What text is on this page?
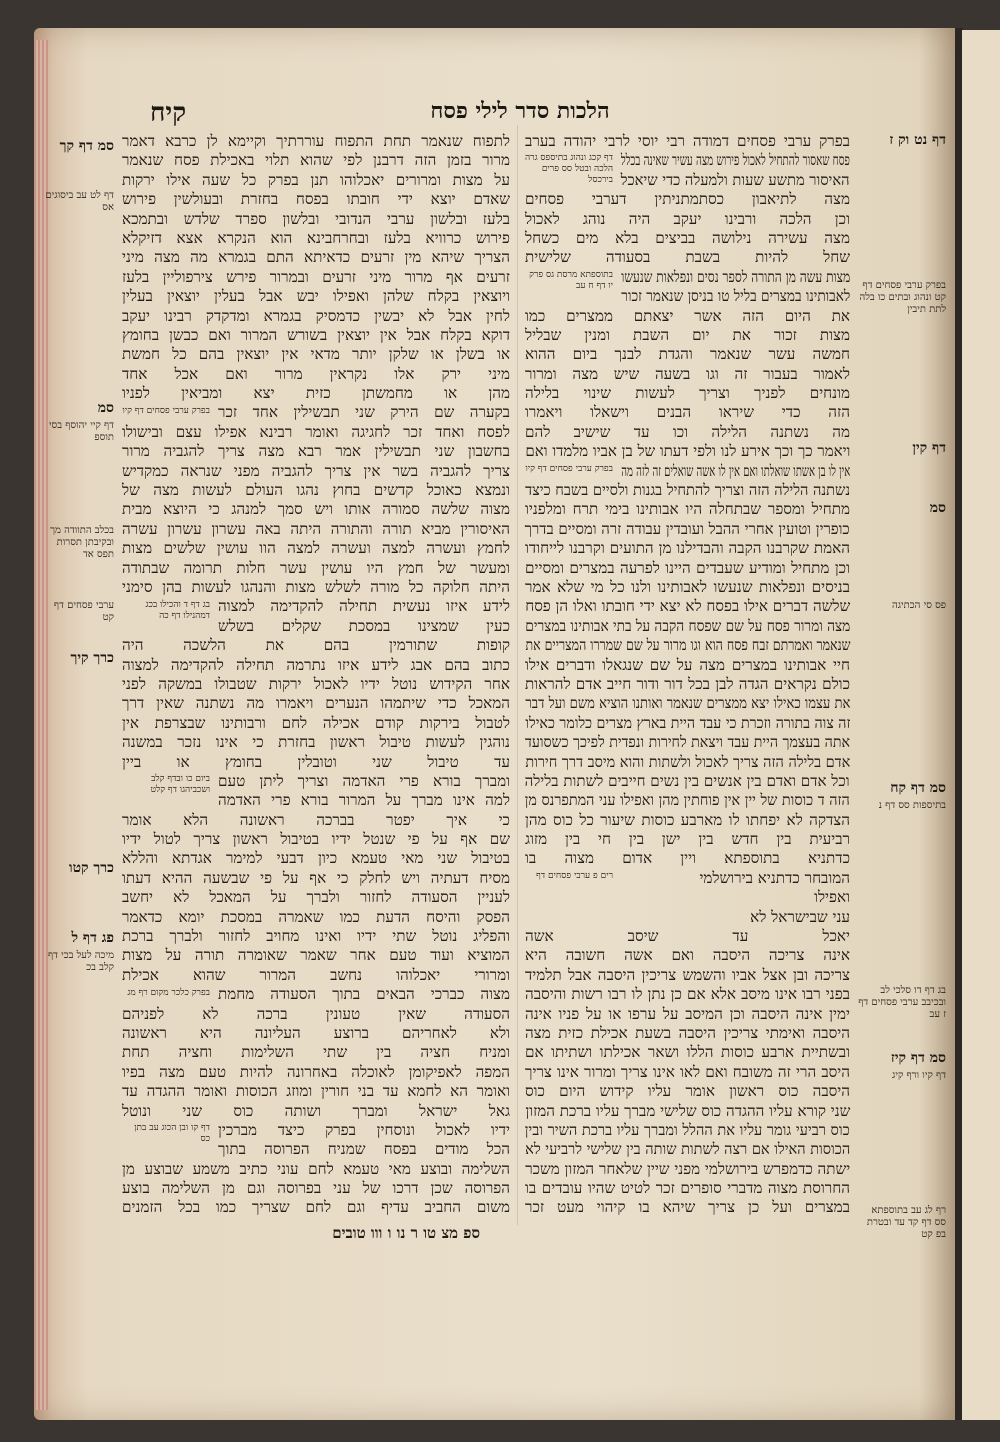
הלכות סדר לילי פסח
קיח
בפרק ערבי פסחים דמודה רבי יוסי לרבי יהודה בערב
פסח שאסור להתחיל לאכול פירוש מצה עשיר שאינה בכלל
האיסור מתשע שעות ולמעלה כדי שיאכל
מצה לתיאבון כסתמתניתין דערבי פסחים
וכן הלכה ורבינו יעקב היה נוהג לאכול
מצה עשירה נילושה בביצים בלא מים כשחל
שחל להיות בשבת בסעודה שלישית
מצות עשה מן התורה לספר נסים ונפלאות שנעשו
לאבותינו במצרים בליל טו בניסן שנאמר זכור
את היום הזה אשר יצאתם ממצרים כמו
מצות זכור את יום השבת ומנין שבליל
חמשה עשר שנאמר והגדת לבנך ביום ההוא
לאמור בעבור זה וגו בשעה שיש מצה ומרור
מונחים לפניך וצריך לעשות שינוי בלילה
הזה כדי שיראו הבנים וישאלו ויאמרו
מה נשתנה הלילה וכו עד שישיב להם
ויאמר כך וכך אירע לנו ולפי דעתו של בן אביו מלמדו ואם
אין לו בן אשתו שואלתו ואם אין לו אשה שואלים זה לזה מה
נשתנה הלילה הזה וצריך להתחיל בגנות ולסיים בשבח כיצד
מתחיל ומספר שבתחלה היו אבותינו בימי תרח ומלפניו
כופרין וטועין אחרי ההבל ועובדין עבודה זרה ומסיים בדרך
האמת שקרבנו הקבה והבדילנו מן התועים וקרבנו לייחודו
וכן מתחיל ומודיע שעבדים היינו לפרעה במצרים ומסיים
בניסים ונפלאות שנעשו לאבותינו ולנו כל מי שלא אמר
שלשה דברים אילו בפסח לא יצא ידי חובתו ואלו הן פסח
מצה ומרור פסח על שם שפסח הקבה על בתי אבותינו במצרים
שנאמר ואמרתם זבח פסח הוא וגו מרור על שם שמררו המצריים את
חיי אבותינו במצרים מצה על שם שנגאלו ודברים אילו
כולם נקראים הגדה לבן בכל דור ודור חייב אדם להראות
את עצמו כאילו יצא ממצרים שנאמר ואותנו הוציא משם ועל דבר
זה צוה בתורה וזכרת כי עבד היית בארץ מצרים כלומר כאילו
אתה בעצמך היית עבד ויצאת לחירות ונפדית לפיכך כשסועד
אדם בלילה הזה צריך לאכול ולשתות והוא מיסב דרך חירות
וכל אדם ואדם בין אנשים בין נשים חייבים לשתות בלילה
הזה ד כוסות של יין אין פוחתין מהן ואפילו עני המתפרנס מן
הצדקה לא יפחתו לו מארבע כוסות שיעור כל כוס מהן
רביעית בין חדש בין ישן בין חי בין מזוג
כדתניא בתוספתא ויין אדום מצוה בו
המובחר כדתניא בירושלמי
ואפילו
עני שבישראל לא
יאכל עד שיסב אשה
אינה צריכה היסבה ואם אשה חשובה היא
צריכה ובן אצל אביו והשמש צריכין היסבה אבל תלמיד
בפני רבו אינו מיסב אלא אם כן נתן לו רבו רשות והיסבה
ימין אינה היסבה וכן המיסב על ערפו או על פניו אינה
היסבה ואימתי צריכין היסבה בשעת אכילת כזית מצה
ובשתיית ארבע כוסות הללו ושאר אכילתו ושתיתו אם
היסב הרי זה משובח ואם לאו אינו צריך ומרור אינו צריך
היסבה כוס ראשון אומר עליו קידוש היום כוס
שני קורא עליו ההגדה כוס שלישי מברך עליו ברכת המזון
כוס רביעי גומר עליו את ההלל ומברך עליו ברכת השיר ובין
הכוסות האילו אם רצה לשתות שותה בין שלישי לרביעי לא
ישתה כדמפרש בירושלמי מפני שיין שלאחר המזון משכר
החרוסת מצוה מדברי סופרים זכר לטיט שהיו עובדים בו
במצרים ועל כן צריך שיהא בו קיהוי מעט זכר
דף קכג ונהוג בתיספס גרה הלכה ובטל סס פרים בירכסל
בתוספתא מרסת גס פרק יו דף ח עב
בפרק ערבי פסחים דף קיו
רים פ ערבי פסחים דף
לתפוח שנאמר תחת התפוח עוררתיך וקיימא לן כרבא דאמר
מרור בזמן הזה דרבנן לפי שהוא תלוי באכילת פסח שנאמר
על מצות ומרורים יאכלוהו תנן בפרק כל שעה אילו ירקות
שאדם יוצא ידי חובתו בפסח בחזרת ובעולשין פירוש
בלעז ובלשון ערבי הנדובי ובלשון ספרד שלדש ובתמכא
פירוש כרוויא בלעז ובחרחבינא הוא הנקרא אצא דזיקלא
הצריך שיהא מין זרעים כדאיתא התם בגמרא מה מצה מיני
זרעים אף מרור מיני זרעים ובמרור פירש צירפוליין בלעז
ויוצאין בקלח שלהן ואפילו יבש אבל בעלין יוצאין בעלין
לחין אבל לא יבשין כדמסיק בגמרא ומדקדק רבינו יעקב
דוקא בקלח אבל אין יוצאין בשורש המרור ואם כבשן בחומץ
או בשלן או שלקן יותר מדאי אין יוצאין בהם כל חמשת
מיני ירק אלו נקראין מרור ואם אכל אחד
מהן או מחמשתן כזית יצא ומביאין לפניו
בקערה שם הירק שני תבשילין אחד זכר
לפסח ואחד זכר לחגיגה ואומר רבינא אפילו עצם ובישולו
בחשבון שני תבשילין אמר רבא מצה צריך להגביה מרור
צריך להגביה בשר אין צריך להגביה מפני שנראה כמקדיש
ונמצא כאוכל קדשים בחוץ נהגו העולם לעשות מצה של
מצוה שלשה סמורה אותו ויש סמך למנהג כי היוצא מבית
האיסורין מביא תורה והתורה היתה באה עשרון עשרון עשרה
לחמץ ועשרה למצה ועשרה למצה הוו עושין שלשים מצות
ומעשר של חמץ היו עושין עשר חלות תרומה שבתודה
היתה חלוקה כל מורה לשלש מצות והנהגו לעשות בהן סימני
לידע איזו נעשית תחילה להקדימה למצוה
כעין שמצינו במסכת שקלים בשלש
קופות שתורמין בהם את הלשכה היה
כתוב בהם אבג לידע איזו נתרמה תחילה להקדימה למצוה
אחר הקידוש נוטל ידיו לאכול ירקות שטבולו במשקה לפני
המאכל כדי שיתמהו הנערים ויאמרו מה נשתנה שאין דרך
לטבול בירקות קודם אכילה לחם ורבותינו שבצרפת אין
נוהגין לעשות טיבול ראשון בחזרת כי אינו נזכר במשנה
עד טיבול שני וטובלין בחומץ או ביין
ומברך בורא פרי האדמה וצריך ליתן טעם
למה אינו מברך על המרור בורא פרי האדמה
כי איך יפטר בברכה ראשונה הלא אומר
שם אף על פי שנטל ידיו בטיבול ראשון צריך לטול ידיו
בטיבול שני מאי טעמא כיון דבעי למימר אגדתא והללא
מסיח דעתיה ויש לחלק כי אף על פי שבשעה ההיא דעתו
לעניין הסעודה לחזור ולברך על המאכל לא יחשב
הפסק והיסח הדעת כמו שאמרה במסכת יומא כדאמר
והפליג נוטל שתי ידיו ואינו מחויב לחזור ולברך ברכת
המוציא ועוד טעם אחר שאמר שאומרה תורה על מצות
ומרורי יאכלוהו נחשב המרור שהוא אכילת
מצוה כברכי הבאים בתוך הסעודה מחמת
הסעודה שאין טעונין ברכה לא לפניהם
ולא לאחריהם ברוצע העליונה היא ראשונה
ומניח חציה בין שתי השלימות וחציה תחת
המפה לאפיקומן לאוכלה באחרונה להיות טעם מצה בפיו
ואומר הא לחמא עד בני חורין ומוזג הכוסות ואומר ההגדה עד
גאל ישראל ומברך ושותה כוס שני ונוטל
ידיו לאכול ונוסחין בפרק כיצד מברכין
הכל מודים בפסח שמניח הפרוסה בתוך
השלימה ובוצע מאי טעמא לחם עוני כתיב משמע שבוצע מן
הפרוסה שכן דרכו של עני בפרוסה וגם מן השלימה בוצע
משום החביב עדיף וגם לחם שצריך כמו בכל הזמנים
בפרק ערבי פסחים דף קיו
בג דף ד והכילו בכג דמהנילו דף כה
ביום כו ובדף קלב ושכביהגו דף קלט
בפרק כלכר מקום רף מג
דף קו ובן הכוג עב בתן כס
ספ מצ טו ר נו ו ווו טובים
דף נט וק ז
בפרק ערבי פסחים דף קט ונהוג ובתים כו בלה לתת תיבין
דף קין
סמ
פס סי הכתיגה
סמ דף קח
בתיספות סס דף נ
בג דף דו סלכי לב ובכיבב ערבי פסחים דף ז עב
סמ דף קיז
דף קיו ורף קיג
רף לג עב בתוספתא סס דף קד עד ובטרת בפ קט
סמ דף קך
דף לט עב ביסוגים אס
סמ
דף קיי יהוסף בסי תוספ
בכלב התוודה מך ובקיבתן תסרות תפס אד
ערבי פסחים דף קט
כרך קיך
כרך קטו
פג דף ל
מיכה לעל בכי דף קלב בכ
